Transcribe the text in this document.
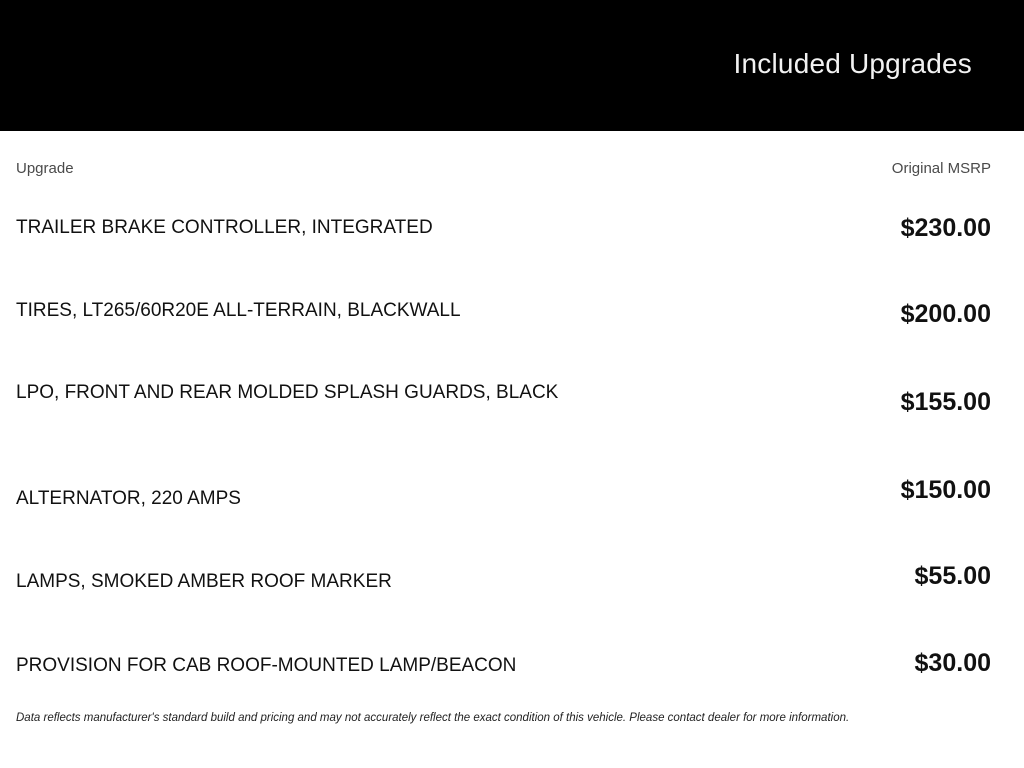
Included Upgrades
Upgrade	Original MSRP
TRAILER BRAKE CONTROLLER, INTEGRATED	$230.00
TIRES, LT265/60R20E ALL-TERRAIN, BLACKWALL	$200.00
LPO, FRONT AND REAR MOLDED SPLASH GUARDS, BLACK	$155.00
ALTERNATOR, 220 AMPS	$150.00
LAMPS, SMOKED AMBER ROOF MARKER	$55.00
PROVISION FOR CAB ROOF-MOUNTED LAMP/BEACON	$30.00
Data reflects manufacturer's standard build and pricing and may not accurately reflect the exact condition of this vehicle. Please contact dealer for more information.
